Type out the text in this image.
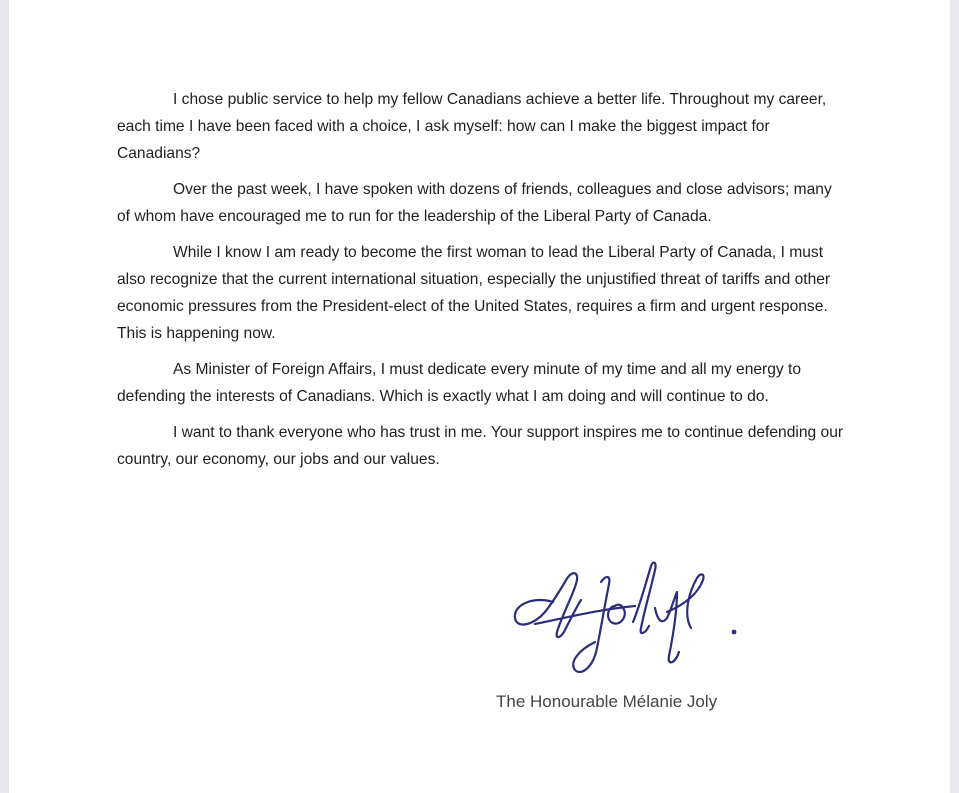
I chose public service to help my fellow Canadians achieve a better life. Throughout my career, each time I have been faced with a choice, I ask myself: how can I make the biggest impact for Canadians?

Over the past week, I have spoken with dozens of friends, colleagues and close advisors; many of whom have encouraged me to run for the leadership of the Liberal Party of Canada.

While I know I am ready to become the first woman to lead the Liberal Party of Canada, I must also recognize that the current international situation, especially the unjustified threat of tariffs and other economic pressures from the President-elect of the United States, requires a firm and urgent response. This is happening now.

As Minister of Foreign Affairs, I must dedicate every minute of my time and all my energy to defending the interests of Canadians. Which is exactly what I am doing and will continue to do.

I want to thank everyone who has trust in me. Your support inspires me to continue defending our country, our economy, our jobs and our values.

The Honourable Mélanie Joly
